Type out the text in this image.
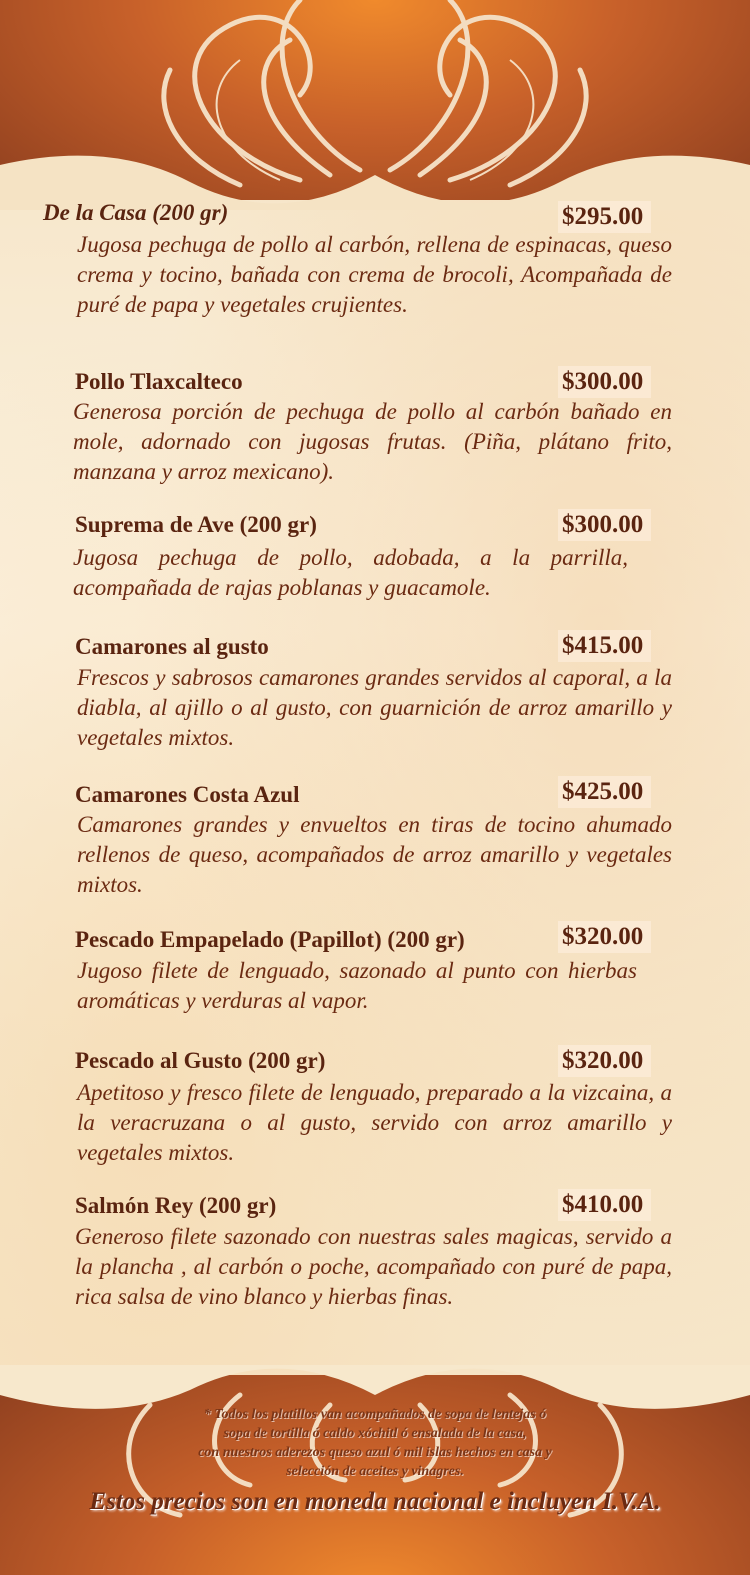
De la Casa (200 gr)	$295.00
Jugosa pechuga de pollo al carbón, rellena de espinacas, queso crema y tocino, bañada con crema de brocoli, Acompañada de puré de papa y vegetales crujientes.
Pollo Tlaxcalteco	$300.00
Generosa porción de pechuga de pollo al carbón bañado en mole, adornado con jugosas frutas. (Piña, plátano frito, manzana y arroz mexicano).
Suprema de Ave (200 gr)	$300.00
Jugosa pechuga de pollo, adobada, a la parrilla, acompañada de rajas poblanas y guacamole.
Camarones al gusto	$415.00
Frescos y sabrosos camarones grandes servidos al caporal, a la diabla, al ajillo o al gusto, con guarnición de arroz amarillo y vegetales mixtos.
Camarones Costa Azul	$425.00
Camarones grandes y envueltos en tiras de tocino ahumado rellenos de queso, acompañados de arroz amarillo y vegetales mixtos.
Pescado Empapelado (Papillot) (200 gr)	$320.00
Jugoso filete de lenguado, sazonado al punto con hierbas aromáticas y verduras al vapor.
Pescado al Gusto (200 gr)	$320.00
Apetitoso y fresco filete de lenguado, preparado a la vizcaina, a la veracruzana o al gusto, servido con arroz amarillo y vegetales mixtos.
Salmón Rey (200 gr)	$410.00
Generoso filete sazonado con nuestras sales magicas, servido a la plancha , al carbón o poche, acompañado con puré de papa, rica salsa de vino blanco y hierbas finas.
* Todos los platillos van acompañados de sopa de lentejas ó
sopa de tortilla ó caldo xóchitl ó ensalada de la casa,
con nuestros aderezos queso azul ó mil islas hechos en casa y
selección de aceites y vinagres.
Estos precios son en moneda nacional e incluyen I.V.A.
